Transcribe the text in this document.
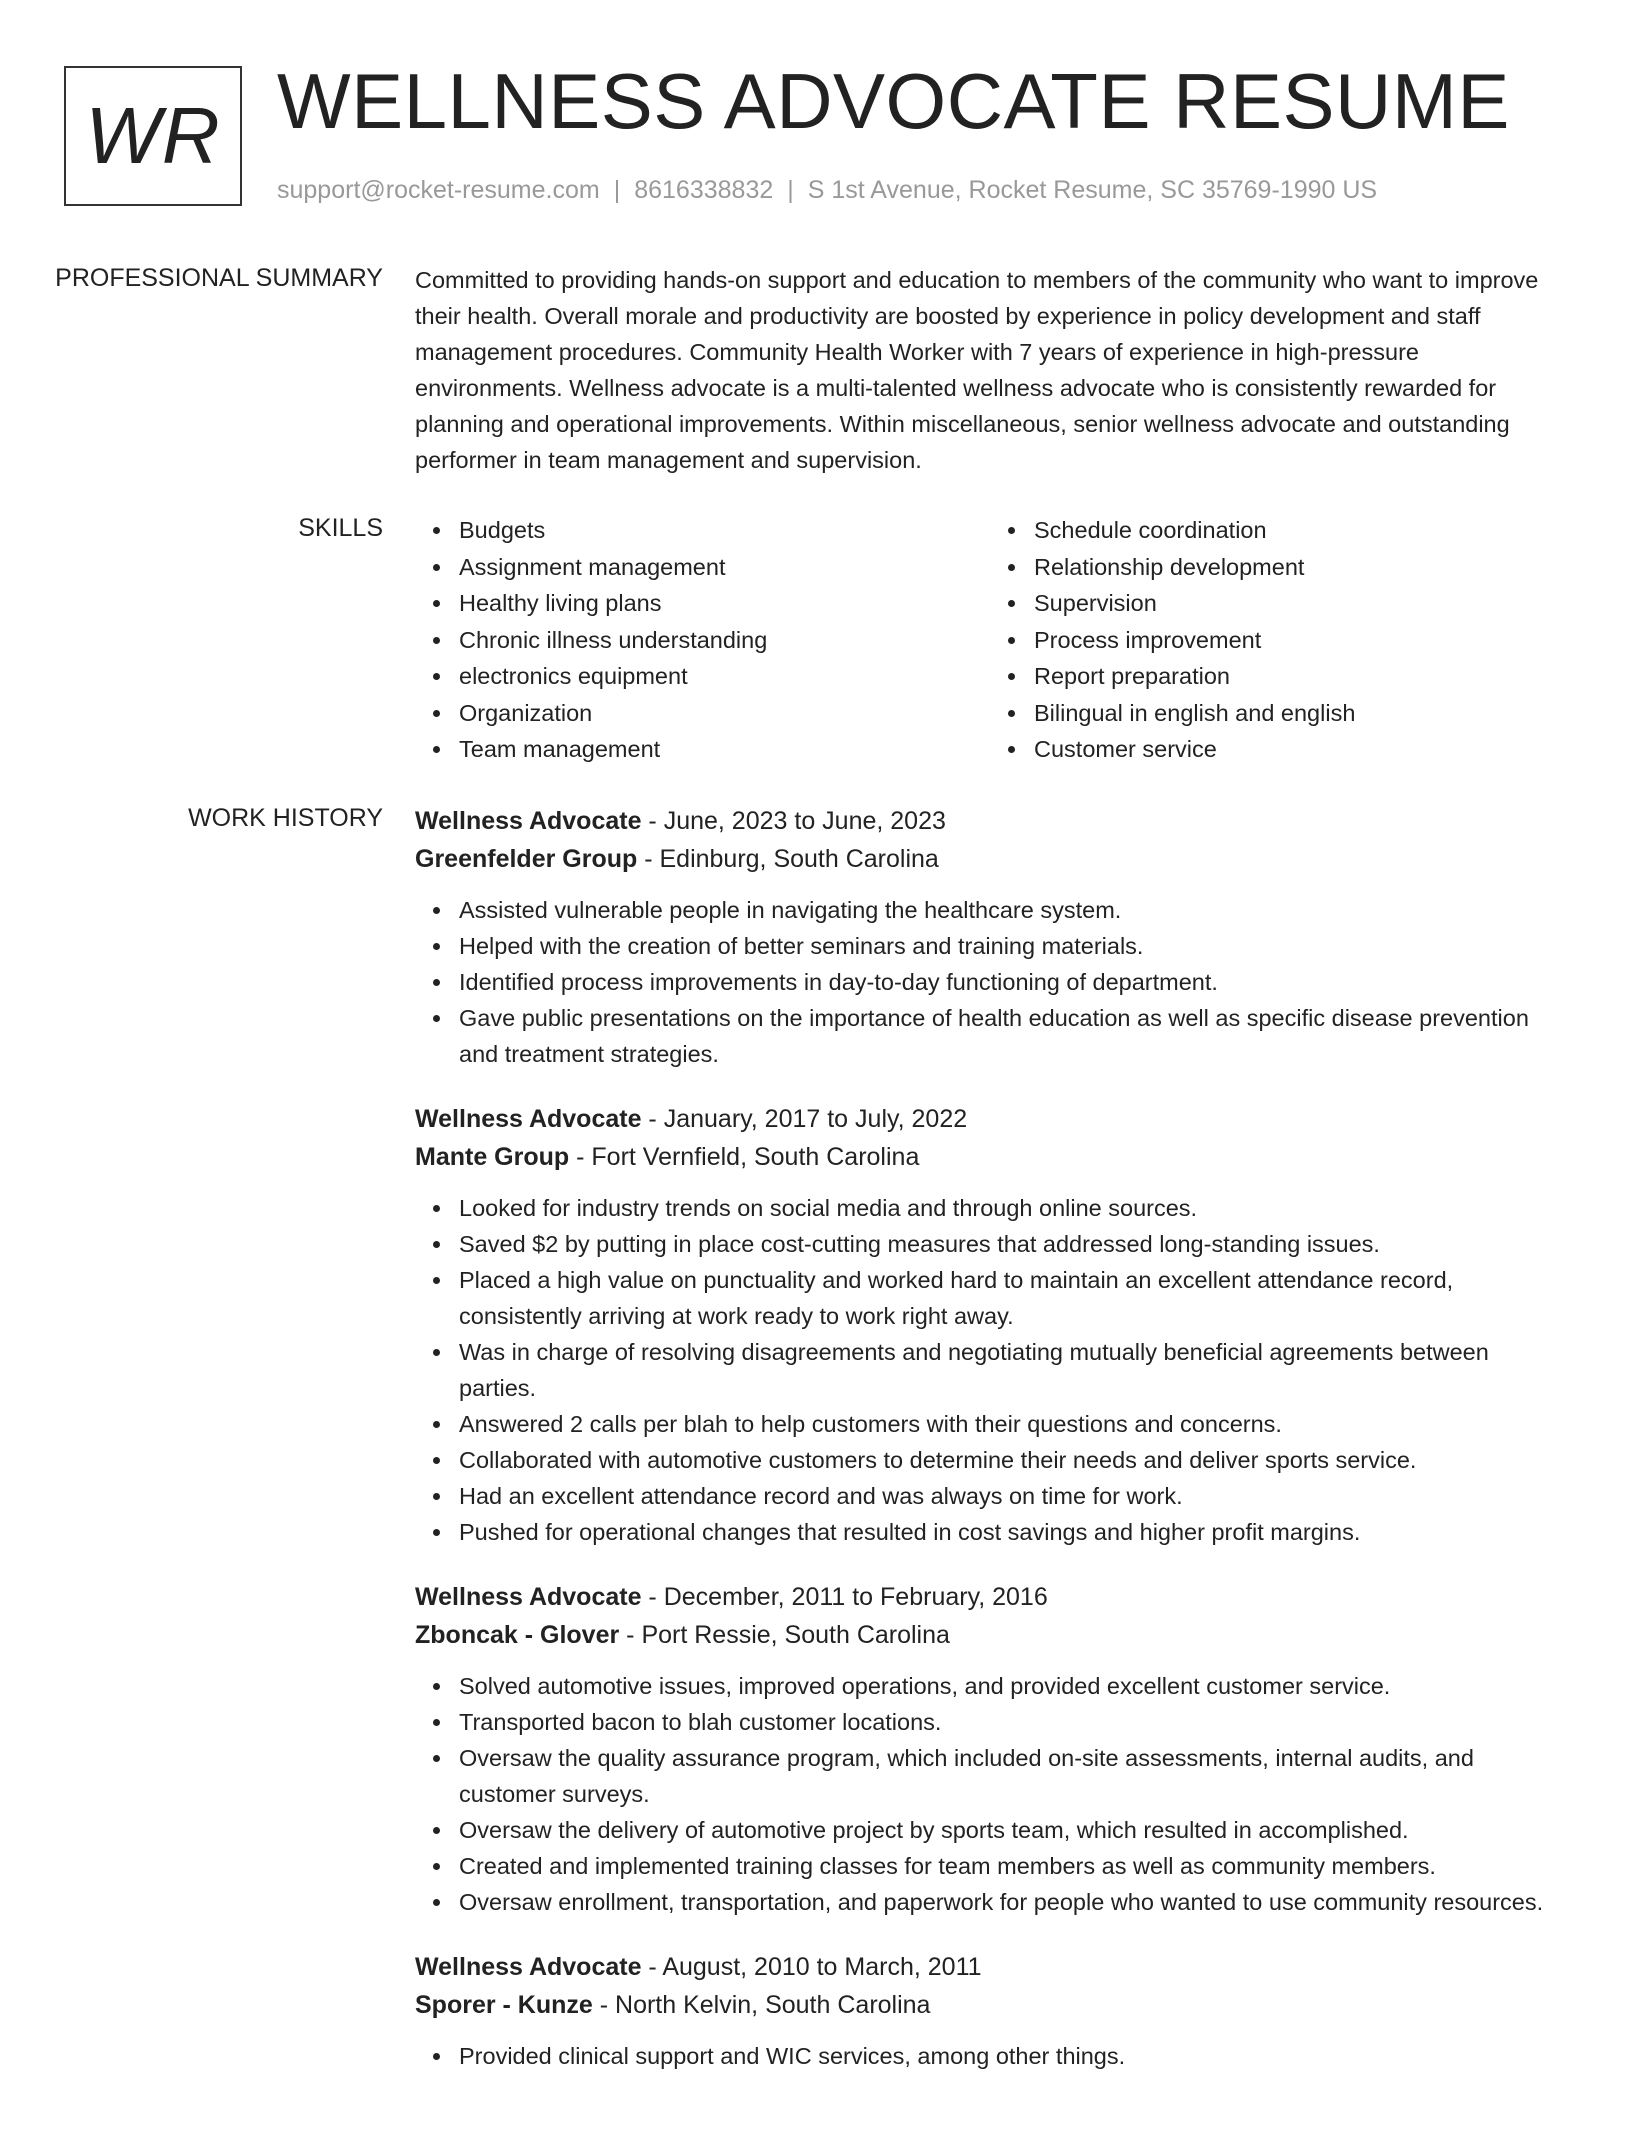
WR WELLNESS ADVOCATE RESUME
support@rocket-resume.com | 8616338832 | S 1st Avenue, Rocket Resume, SC 35769-1990 US
PROFESSIONAL SUMMARY	Committed to providing hands-on support and education to members of the community who want to improve their health. Overall morale and productivity are boosted by experience in policy development and staff management procedures. Community Health Worker with 7 years of experience in high-pressure environments. Wellness advocate is a multi-talented wellness advocate who is consistently rewarded for planning and operational improvements. Within miscellaneous, senior wellness advocate and outstanding performer in team management and supervision.

SKILLS	Budgets
Assignment management
Healthy living plans
Chronic illness understanding
electronics equipment
Organization
Team management
Schedule coordination
Relationship development
Supervision
Process improvement
Report preparation
Bilingual in english and english
Customer service
WORK HISTORY	Wellness Advocate - June, 2023 to June, 2023
Greenfelder Group - Edinburg, South Carolina
Assisted vulnerable people in navigating the healthcare system.
Helped with the creation of better seminars and training materials.
Identified process improvements in day-to-day functioning of department.
Gave public presentations on the importance of health education as well as specific disease prevention and treatment strategies.
Wellness Advocate - January, 2017 to July, 2022
Mante Group - Fort Vernfield, South Carolina
Looked for industry trends on social media and through online sources.
Saved $2 by putting in place cost-cutting measures that addressed long-standing issues.
Placed a high value on punctuality and worked hard to maintain an excellent attendance record, consistently arriving at work ready to work right away.
Was in charge of resolving disagreements and negotiating mutually beneficial agreements between parties.
Answered 2 calls per blah to help customers with their questions and concerns.
Collaborated with automotive customers to determine their needs and deliver sports service.
Had an excellent attendance record and was always on time for work.
Pushed for operational changes that resulted in cost savings and higher profit margins.
Wellness Advocate - December, 2011 to February, 2016
Zboncak - Glover - Port Ressie, South Carolina
Solved automotive issues, improved operations, and provided excellent customer service.
Transported bacon to blah customer locations.
Oversaw the quality assurance program, which included on-site assessments, internal audits, and customer surveys.
Oversaw the delivery of automotive project by sports team, which resulted in accomplished.
Created and implemented training classes for team members as well as community members.
Oversaw enrollment, transportation, and paperwork for people who wanted to use community resources.
Wellness Advocate - August, 2010 to March, 2011
Sporer - Kunze - North Kelvin, South Carolina
Provided clinical support and WIC services, among other things.
